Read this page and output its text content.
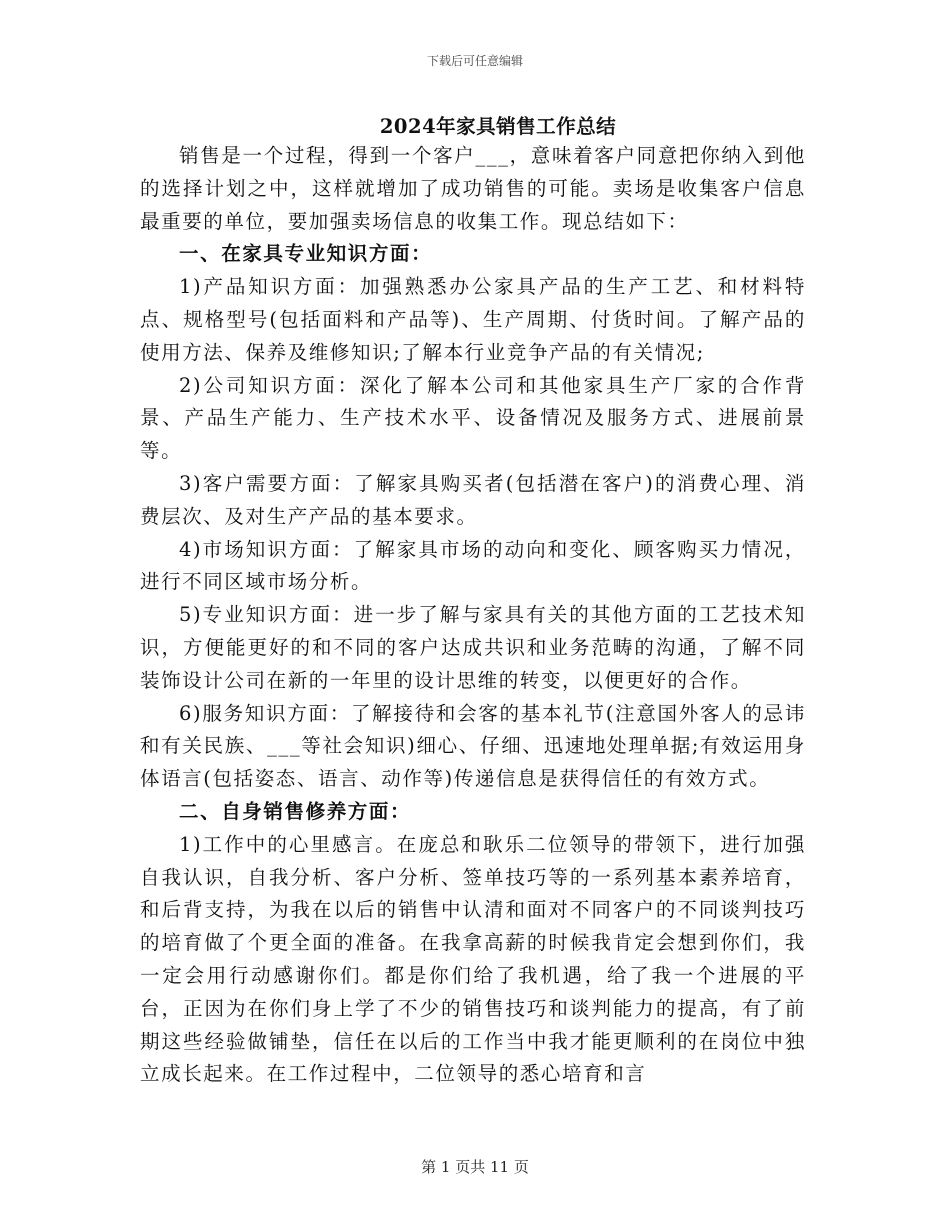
下载后可任意编辑
2024年家具销售工作总结

销售是一个过程，得到一个客户___，意味着客户同意把你纳入到他的选择计划之中，这样就增加了成功销售的可能。卖场是收集客户信息最重要的单位，要加强卖场信息的收集工作。现总结如下：

一、在家具专业知识方面：

1)产品知识方面：加强熟悉办公家具产品的生产工艺、和材料特点、规格型号(包括面料和产品等)、生产周期、付货时间。了解产品的使用方法、保养及维修知识;了解本行业竞争产品的有关情况;

2)公司知识方面：深化了解本公司和其他家具生产厂家的合作背景、产品生产能力、生产技术水平、设备情况及服务方式、进展前景等。

3)客户需要方面：了解家具购买者(包括潜在客户)的消费心理、消费层次、及对生产产品的基本要求。

4)市场知识方面：了解家具市场的动向和变化、顾客购买力情况，进行不同区域市场分析。

5)专业知识方面：进一步了解与家具有关的其他方面的工艺技术知识，方便能更好的和不同的客户达成共识和业务范畴的沟通，了解不同装饰设计公司在新的一年里的设计思维的转变，以便更好的合作。

6)服务知识方面：了解接待和会客的基本礼节(注意国外客人的忌讳和有关民族、___等社会知识)细心、仔细、迅速地处理单据;有效运用身体语言(包括姿态、语言、动作等)传递信息是获得信任的有效方式。

二、自身销售修养方面：

1)工作中的心里感言。在庞总和耿乐二位领导的带领下，进行加强自我认识，自我分析、客户分析、签单技巧等的一系列基本素养培育，和后背支持，为我在以后的销售中认清和面对不同客户的不同谈判技巧的培育做了个更全面的准备。在我拿高薪的时候我肯定会想到你们，我一定会用行动感谢你们。都是你们给了我机遇，给了我一个进展的平台，正因为在你们身上学了不少的销售技巧和谈判能力的提高，有了前期这些经验做铺垫，信任在以后的工作当中我才能更顺利的在岗位中独立成长起来。在工作过程中，二位领导的悉心培育和言

第 1 页共 11 页
